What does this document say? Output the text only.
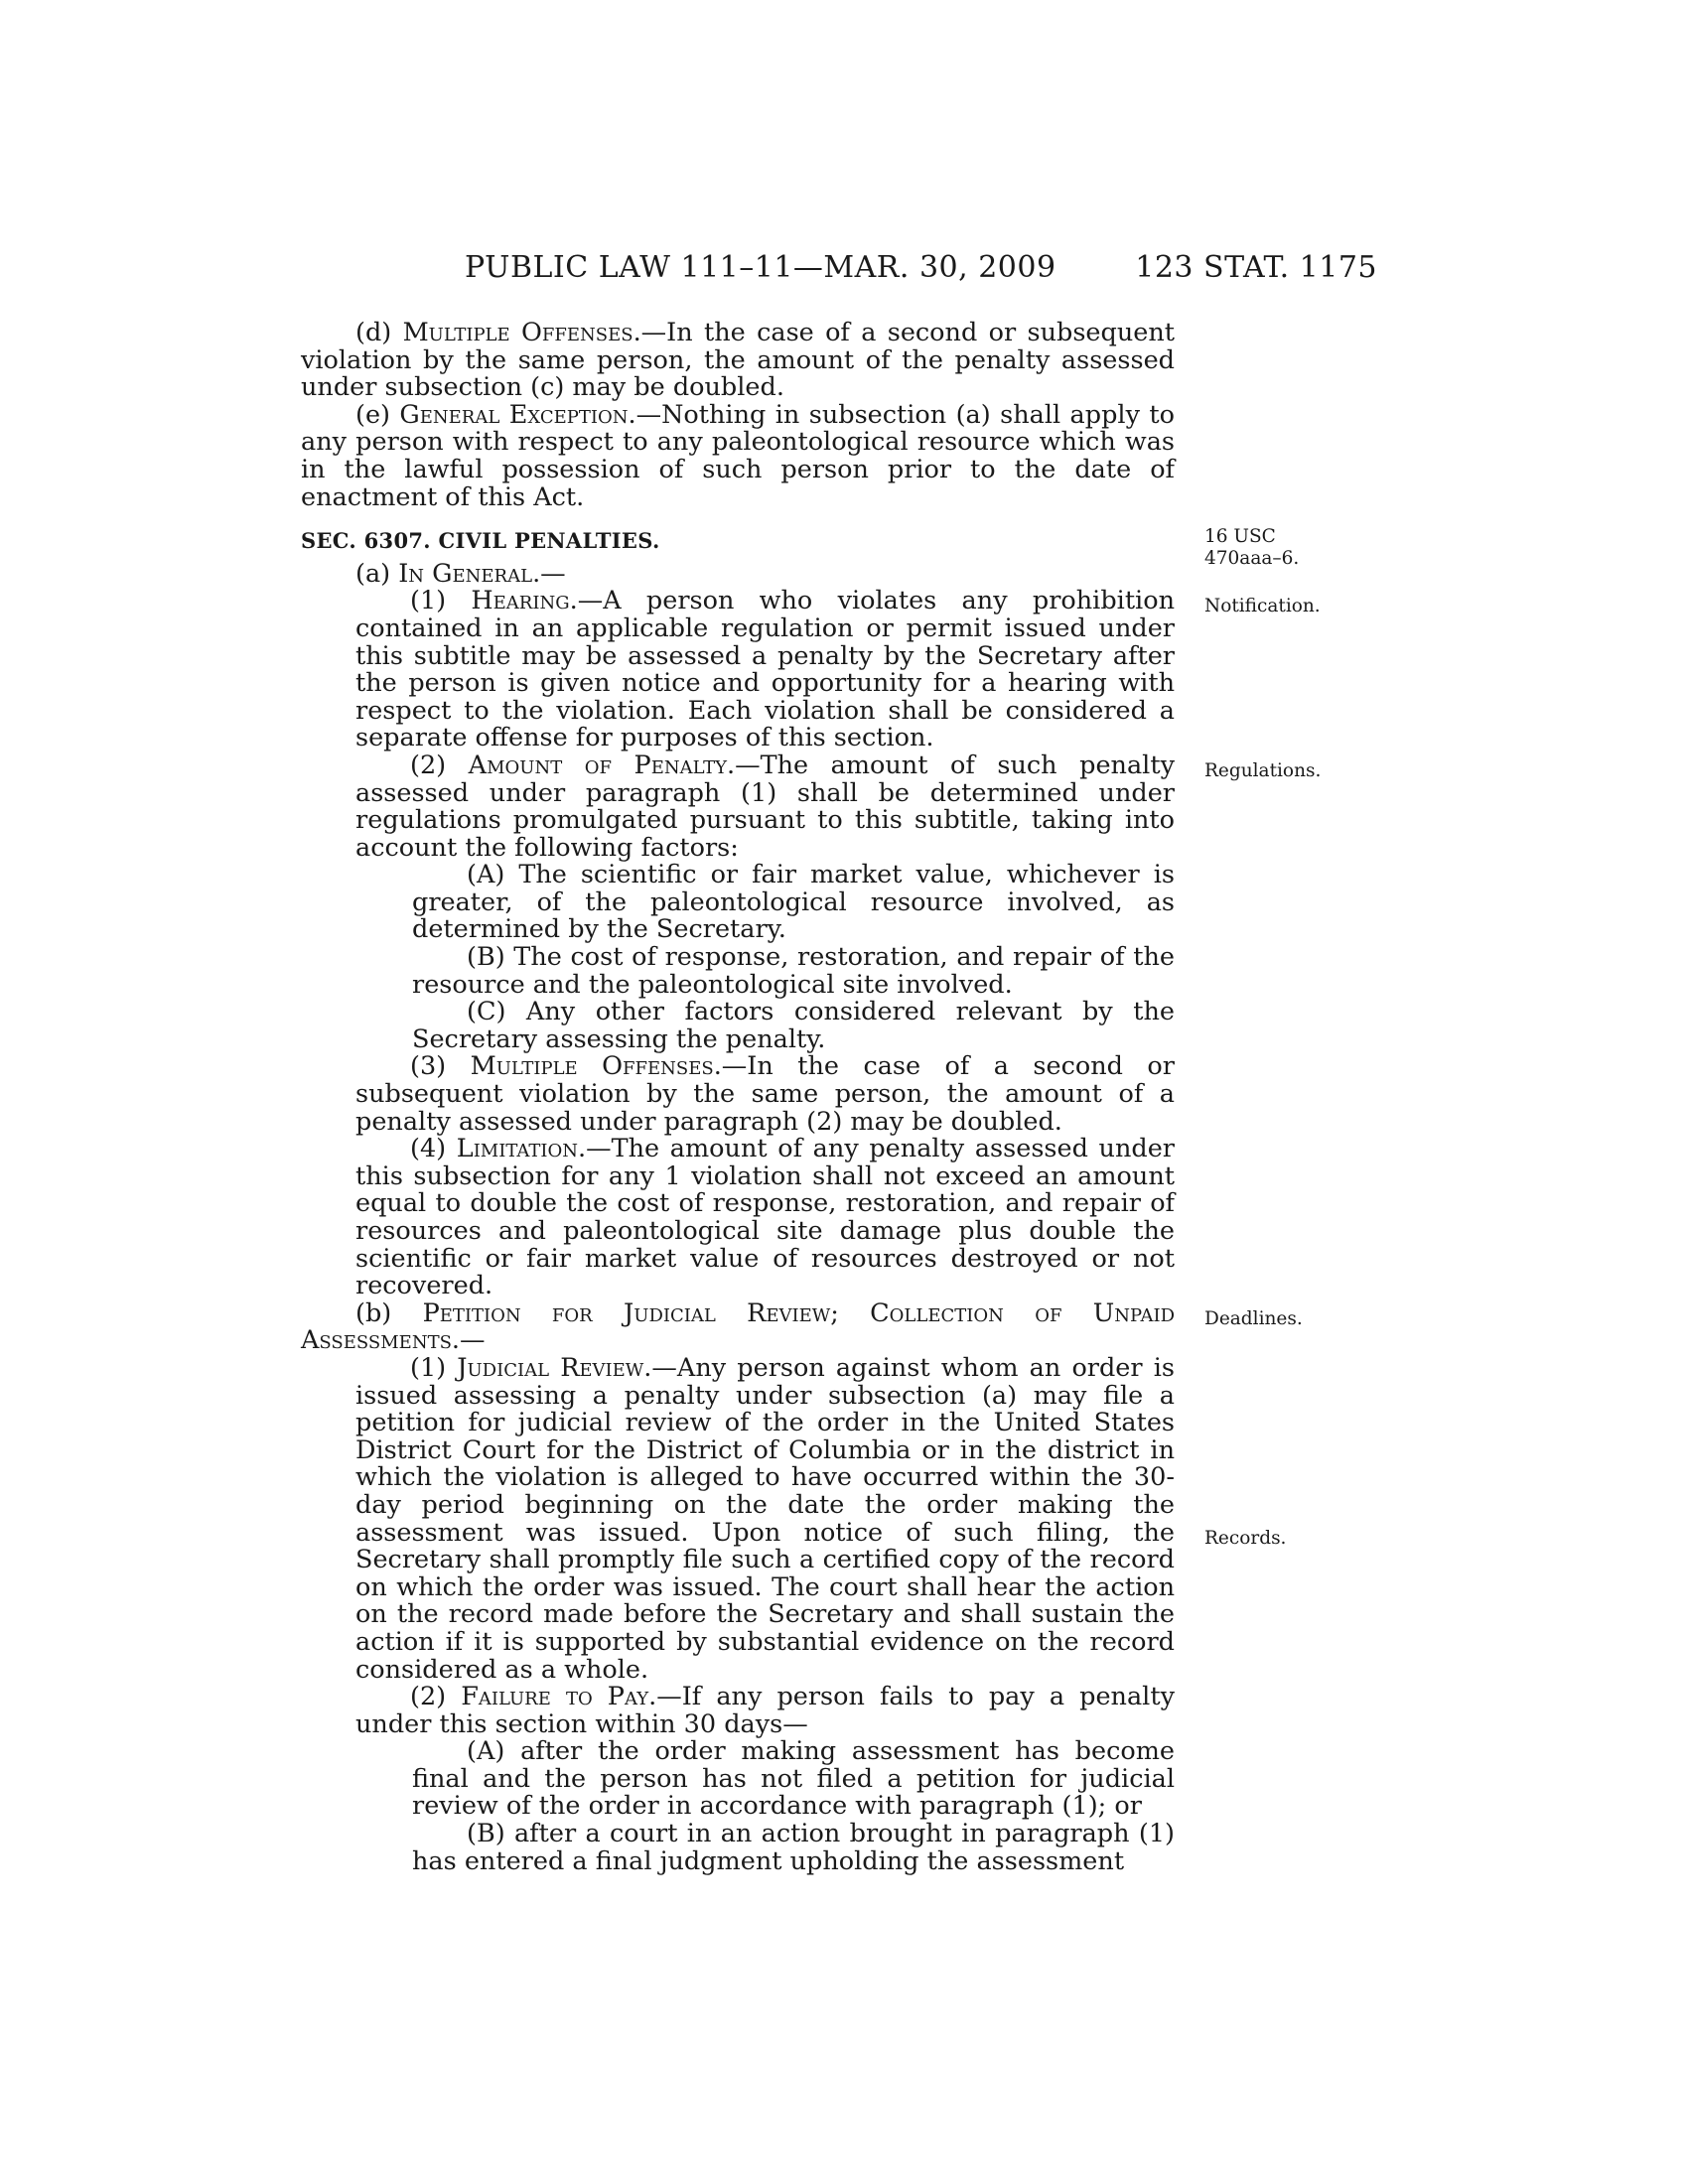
PUBLIC LAW 111–11—MAR. 30, 2009	123 STAT. 1175

(d) Multiple Offenses.—In the case of a second or subsequent violation by the same person, the amount of the penalty assessed under subsection (c) may be doubled.

(e) General Exception.—Nothing in subsection (a) shall apply to any person with respect to any paleontological resource which was in the lawful possession of such person prior to the date of enactment of this Act.

SEC. 6307. CIVIL PENALTIES.

(a) In General.—

(1) Hearing.—A person who violates any prohibition contained in an applicable regulation or permit issued under this subtitle may be assessed a penalty by the Secretary after the person is given notice and opportunity for a hearing with respect to the violation. Each violation shall be considered a separate offense for purposes of this section.

(2) Amount of Penalty.—The amount of such penalty assessed under paragraph (1) shall be determined under regulations promulgated pursuant to this subtitle, taking into account the following factors:

(A) The scientific or fair market value, whichever is greater, of the paleontological resource involved, as determined by the Secretary.

(B) The cost of response, restoration, and repair of the resource and the paleontological site involved.

(C) Any other factors considered relevant by the Secretary assessing the penalty.

(3) Multiple Offenses.—In the case of a second or subsequent violation by the same person, the amount of a penalty assessed under paragraph (2) may be doubled.

(4) Limitation.—The amount of any penalty assessed under this subsection for any 1 violation shall not exceed an amount equal to double the cost of response, restoration, and repair of resources and paleontological site damage plus double the scientific or fair market value of resources destroyed or not recovered.

(b) Petition for Judicial Review; Collection of Unpaid Assessments.—

(1) Judicial Review.—Any person against whom an order is issued assessing a penalty under subsection (a) may file a petition for judicial review of the order in the United States District Court for the District of Columbia or in the district in which the violation is alleged to have occurred within the 30-day period beginning on the date the order making the assessment was issued. Upon notice of such filing, the Secretary shall promptly file such a certified copy of the record on which the order was issued. The court shall hear the action on the record made before the Secretary and shall sustain the action if it is supported by substantial evidence on the record considered as a whole.

(2) Failure to Pay.—If any person fails to pay a penalty under this section within 30 days—

(A) after the order making assessment has become final and the person has not filed a petition for judicial review of the order in accordance with paragraph (1); or

(B) after a court in an action brought in paragraph (1) has entered a final judgment upholding the assessment

16 USC
470aaa–6.
Notification.
Regulations.
Deadlines.
Records.
